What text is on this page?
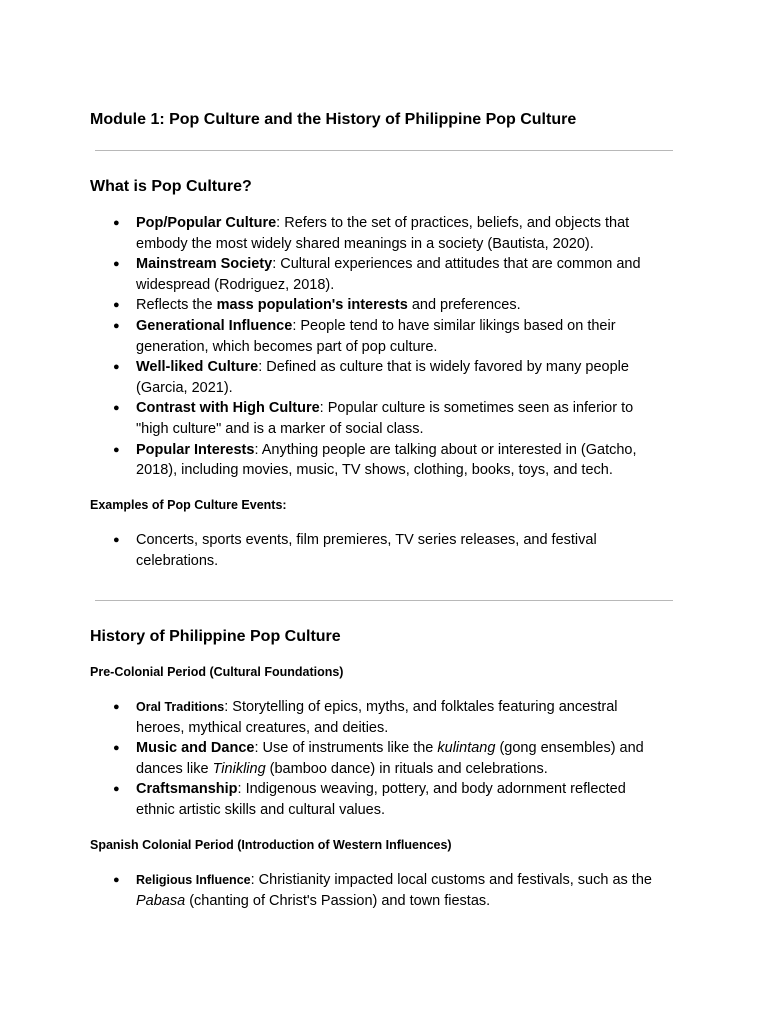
Module 1: Pop Culture and the History of Philippine Pop Culture
What is Pop Culture?
● Pop/Popular Culture: Refers to the set of practices, beliefs, and objects that embody the most widely shared meanings in a society (Bautista, 2020).
● Mainstream Society: Cultural experiences and attitudes that are common and widespread (Rodriguez, 2018).
● Reflects the mass population's interests and preferences.
● Generational Influence: People tend to have similar likings based on their generation, which becomes part of pop culture.
● Well-liked Culture: Defined as culture that is widely favored by many people (Garcia, 2021).
● Contrast with High Culture: Popular culture is sometimes seen as inferior to "high culture" and is a marker of social class.
● Popular Interests: Anything people are talking about or interested in (Gatcho, 2018), including movies, music, TV shows, clothing, books, toys, and tech.
Examples of Pop Culture Events:
● Concerts, sports events, film premieres, TV series releases, and festival celebrations.
History of Philippine Pop Culture
Pre-Colonial Period (Cultural Foundations)
● Oral Traditions: Storytelling of epics, myths, and folktales featuring ancestral heroes, mythical creatures, and deities.
● Music and Dance: Use of instruments like the kulintang (gong ensembles) and dances like Tinikling (bamboo dance) in rituals and celebrations.
● Craftsmanship: Indigenous weaving, pottery, and body adornment reflected ethnic artistic skills and cultural values.
Spanish Colonial Period (Introduction of Western Influences)
● Religious Influence: Christianity impacted local customs and festivals, such as the Pabasa (chanting of Christ's Passion) and town fiestas.
